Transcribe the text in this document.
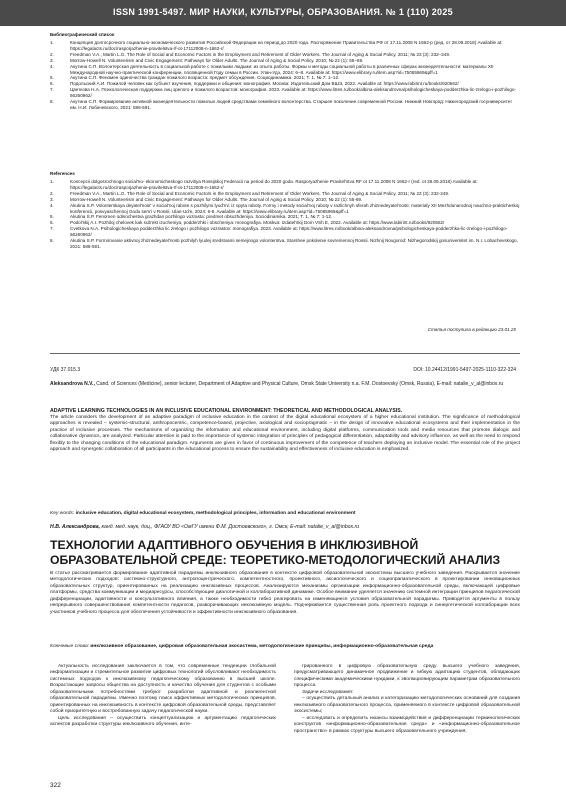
ISSN 1991-5497. МИР НАУКИ, КУЛЬТУРЫ, ОБРАЗОВАНИЯ. № 1 (110) 2025
Библиографический список
1.	Концепция долгосрочного социально-экономического развития Российской Федерации на период до 2020 года. Распоряжение Правительства РФ от 17.11.2008 N 1662-р (ред. от 28.09.2018) Available at: https://legalacts.ru/doc/rasporjazhenie-pravitelstva-rf-ot-17112008-n-1662-r/
2.	Freedman V.A., Martin L.G. The Role of Social and Economic Factors in the Employment and Retirement of Older Workers. The Journal of Aging & Social Policy. 2011; № 23 (3): 232–249.
3.	Morrow-Howell N. Volunteerism and Civic Engagement: Pathways for Older Adults. The Journal of Aging & Social Policy. 2010; № 22 (1): 55–69.
4.	Акутина С.П. Волонтерская деятельность в социальной работе с пожилыми людьми: из опыта работы. Формы и методы социальной работы в различных сферах жизнедеятельности: материалы XII Международной научно-практической конференции, посвященной Году семьи в России. Улан-Удэ, 2024: 6–8. Available at: https://www.elibrary.ru/item.asp?id=75065969&pff=1
5.	Акутина С.П. Феномен одиночества граждан пожилого возраста: предмет обсуждения. Социодинамика. 2021; Т. 1, № 7: 1–12.
6.	Подольский А.И. Пожилой человек как субъект изучения, поддержки и общения: монография. Москва: Издательский Дом ВШЭ, 2022. Available at: https://www.labirint.ru/books/920562/
7.	Цветкова Н.А. Психологическая поддержка лиц зрелого и пожилого возрастов: монография. 2023. Available at: https://www.litres.ru/book/albina-aleksandrovna/psihologicheskaya-podderzhka-lic-zrelogo-i-pozhilogo-66260962/
8.	Акутина С.П. Формирование активной жизнедеятельности пожилых людей средствами семейного волонтерства. Старшее поколение современной России. Нижний Новгород: Нижегородский госуниверситет им. Н.И. Лобачевского, 2021: 586-591.
References
1.	Koncepcii dolgosrochnogo social'no- ekonomicheskogo razvitiya Rossijskoj Federacii na period do 2020 goda. Rasporyazhenie Pravitel'stva RF ot 17.11.2008 N 1662-r (red. ot 28.09.2018) Available at: https://legalacts.ru/doc/rasporjazhenie-pravitelstva-rf-ot-17112008-n-1662-r/
2.	Freedman V.A., Martin L.G. The Role of Social and Economic Factors in the Employment and Retirement of Older Workers. The Journal of Aging & Social Policy. 2011; № 23 (3): 232-249.
3.	Morrow-Howell N. Volunteerism and Civic Engagement: Pathways for Older Adults. The Journal of Aging & Social Policy. 2010; № 22 (1): 55-69.
4.	Akutina S.P. Volonterskaya deyatel'nost' v social'noj rabote s pozhilymi lyud'mi: iz opyta raboty. Formy i metody social'noj raboty v razlichnyh sferah zhiznedeyatel'nosti: materialy XII Mezhdunarodnoj nauchno-prakticheskoj konferencii, posvyaschennoj Godu sem'i v Rossii. Ulan-Ud'e, 2024: 6-8. Available at: https://www.elibrary.ru/item.asp?id=75065969&pff=1
5.	Akutina S.P. Fenomen odinochestva grazhdan pozhilogo vozrasta: predmet obsuzhdeniya. Sociodinamika. 2021; T. 1, № 7: 1-12.
6.	Podol'skij A.I. Pozhiloj chelovek kak sub'ekt izucheniya, podderzhki i obscheniya: monografiya. Moskva: Izdatel'skij Dom VSh E, 2022. Available at: https://www.labirint.ru/books/920562/
7.	Cvetkova N.A. Psihologicheskaya podderzhka lic zrelogo i pozhilogo vozrastov: monografiya. 2023. Available at: https://www.litres.ru/book/albina-aleksandrovna/psihologicheskaya-podderzhka-lic-zrelogo-i-pozhilogo-66260962/
8.	Akutina S.P. Formirovanie aktivnoj zhiznedeyatel'nosti pozhilyh lyudej sredstvami semejnogo volonterstva. Starshee pokolenie sovremennoj Rossii. Nizhnij Novgorod: Nizhegorodskij gosuniversitet im. N.I. Lobachevskogo, 2021: 586-591.
Статья поступила в редакцию 23.01.25
УДК 37.015.3	DOI: 10.24412/1991-5497-2025-1110-322-324
Aleksandrova N.V., Cand. of Sciences (Medicine), senior lecturer, Department of Adaptive and Physical Culture, Omsk State University n.a. F.M. Dostoevsky (Omsk, Russia), E-mail: natalie_v_al@inbox.ru
ADAPTIVE LEARNING TECHNOLOGIES IN AN INCLUSIVE EDUCATIONAL ENVIRONMENT: THEORETICAL AND METHODOLOGICAL ANALYSIS.
The article considers the development of an adaptive paradigm of inclusive education in the context of the digital educational ecosystem of a higher educational institution. The significance of methodological approaches is revealed – systemic-structural, anthropocentric, competence-based, projective, axiological and sociopragmatic – in the design of innovative educational ecosystems and their implementation in the practice of inclusive processes. The mechanisms of organizing the information and educational environment, including digital platforms, communication tools and media resources that promote dialogic and collaborative dynamics, are analyzed. Particular attention is paid to the importance of systemic integration of principles of pedagogical differentiation, adaptability and advisory influence, as well as the need to respond flexibly to the changing conditions of the educational paradigm. Arguments are given in favor of continuous improvement of the competence of teachers deploying an inclusive model. The essential role of the project approach and synergetic collaboration of all participants in the educational process to ensure the sustainability and effectiveness of inclusive education is emphasized.
Key words: inclusive education, digital educational ecosystem, methodological principles, information and educational environment
Н.В. Александрова, канд. мед. наук, доц., ФГАОУ ВО «ОмГУ имени Ф.М. Достоевского», г. Омск, E-mail: natalie_v_al@inbox.ru
ТЕХНОЛОГИИ АДАПТИВНОГО ОБУЧЕНИЯ В ИНКЛЮЗИВНОЙ ОБРАЗОВАТЕЛЬНОЙ СРЕДЕ: ТЕОРЕТИКО-МЕТОДОЛОГИЧЕСКИЙ АНАЛИЗ
В статье рассматривается формирование адаптивной парадигмы инклюзивного образования в контексте цифровой образовательной экосистемы высшего учебного заведения. Раскрывается значение методологических подходов: системно-структурного, антропоцентрического, компетентностного, проективного, аксиологического и социопрагматического в проектировании инновационных образовательных структур, ориентированных на реализацию инклюзивных процессов. Анализируются механизмы организации информационно-образовательной среды, включающей цифровые платформы, средства коммуникации и медиаресурсы, способствующие диалогичной и коллаборативной динамике. Особое внимание уделяется значению системной интеграции принципов педагогической дифференциации, адаптивности и консультативного влияния, а также необходимости гибко реагировать на изменяющиеся условия образовательной парадигмы. Приводятся аргументы в пользу непрерывного совершенствования компетентности педагогов, разворачивающих инклюзивную модель. Подчеркивается существенная роль проектного подхода и синергетической коллаборации всех участников учебного процесса для обеспечения устойчивости и эффективности инклюзивного образования.
Ключевые слова: инклюзивное образование, цифровая образовательная экосистема, методологические принципы, информационно-образовательная среда

Актуальность исследования заключается в том, что современные тенденции глобальной информатизации и стремительное развитие цифровых технологий обусловливают необходимость системных подходов к инклюзивному педагогическому образованию в высшей школе. Возрастающие запросы общества на доступность и качество обучения для студентов с особыми образовательными потребностями требуют разработки адаптивной и реалигентной образовательной парадигмы. Именно поэтому поиск эффективных методологических принципов, ориентированных на инклюзивность в контексте цифровой образовательной среды, представляет собой приоритетную и востребованную задачу педагогической науки.

Цель исследования – осуществить концептуализацию и аргументацию педагогических аспектов разработки структуры инклюзивного обучения, инте-

грированного в цифровую образовательную среду высшего учебного заведения, предусматривающего динамичное продвижение и гибкую адаптацию студентов, обладающих специфическими академическими нуждами, к эволюционирующим параметрам образовательного процесса.

Задачи исследования:

– осуществить детальный анализ и категоризацию методологических оснований для создания инклюзивного образовательного процесса, применяемого в контексте цифровой образовательной экосистемы;

– исследовать и определить нюансы взаимодействия и дифференциации терминологических конструктов «информационно-образовательная среда» и «информационно-образовательное пространство» в рамках структуры высшего образовательного учреждения;

322
